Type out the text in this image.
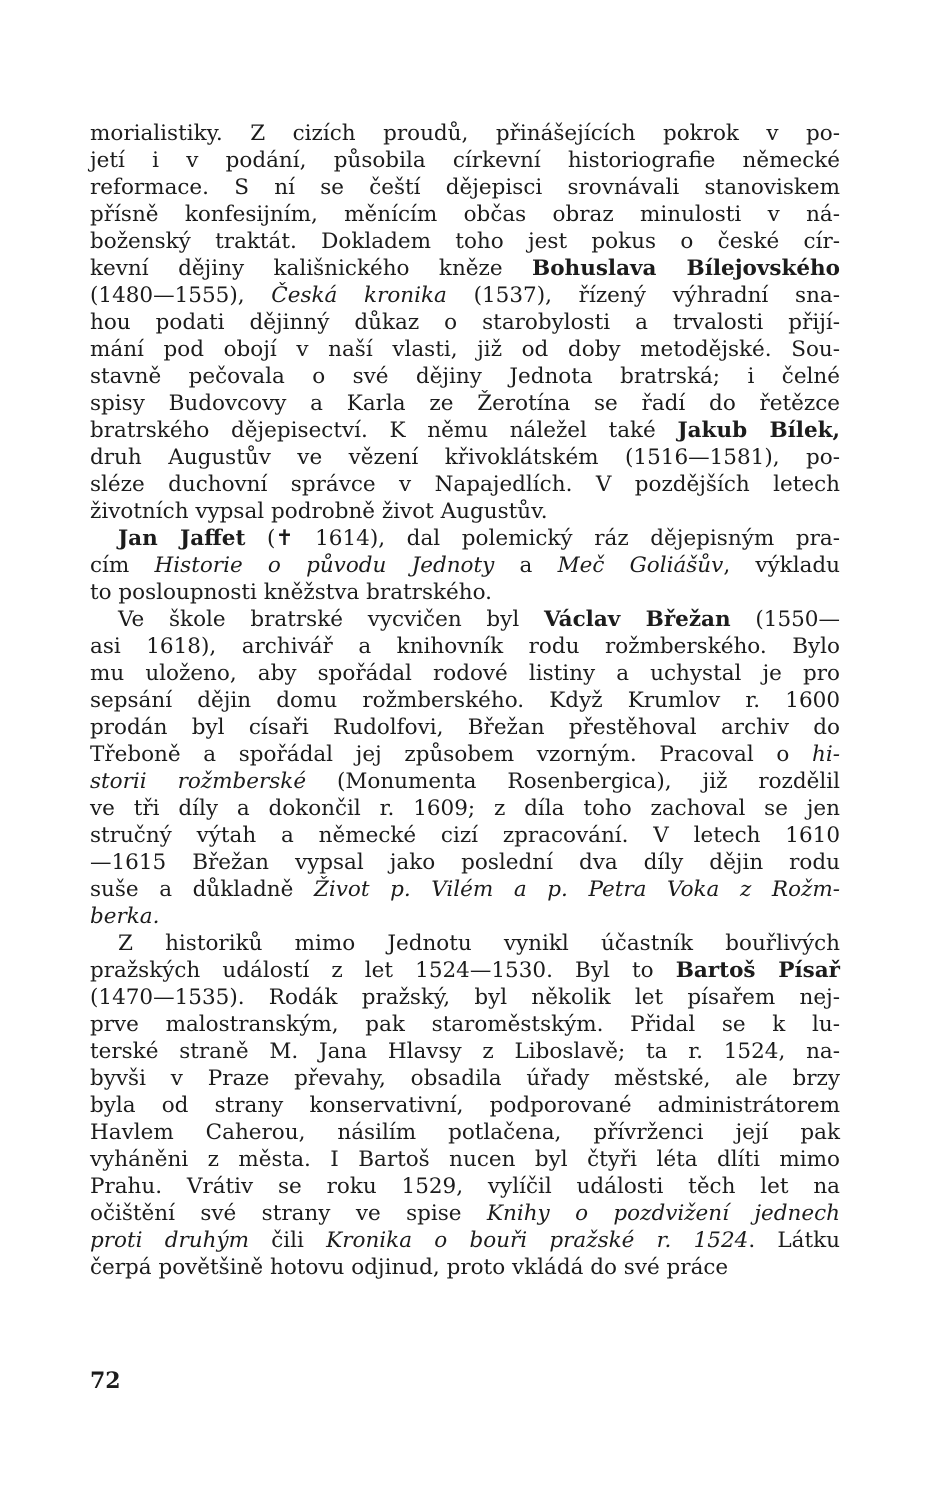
morialistiky. Z cizích proudů, přinášejících pokrok v po-
jetí i v podání, působila církevní historiografie německé
reformace. S ní se čeští dějepisci srovnávali stanoviskem
přísně konfesijním, měnícím občas obraz minulosti v ná-
boženský traktát. Dokladem toho jest pokus o české cír-
kevní dějiny kališnického kněze Bohuslava Bílejovského
(1480—1555), Česká kronika (1537), řízený výhradní sna-
hou podati dějinný důkaz o starobylosti a trvalosti přijí-
mání pod obojí v naší vlasti, již od doby metodějské. Sou-
stavně pečovala o své dějiny Jednota bratrská; i čelné
spisy Budovcovy a Karla ze Žerotína se řadí do řetězce
bratrského dějepisectví. K němu náležel také Jakub Bílek,
druh Augustův ve vězení křivoklátském (1516—1581), po-
sléze duchovní správce v Napajedlích. V pozdějších letech
životních vypsal podrobně život Augustův.
Jan Jaffet (✝ 1614), dal polemický ráz dějepisným pra-
cím Historie o původu Jednoty a Meč Goliášův, výkladu
to posloupnosti kněžstva bratrského.
Ve škole bratrské vycvičen byl Václav Břežan (1550—
asi 1618), archivář a knihovník rodu rožmberského. Bylo
mu uloženo, aby spořádal rodové listiny a uchystal je pro
sepsání dějin domu rožmberského. Když Krumlov r. 1600
prodán byl císaři Rudolfovi, Břežan přestěhoval archiv do
Třeboně a spořádal jej způsobem vzorným. Pracoval o hi-
storii rožmberské (Monumenta Rosenbergica), již rozdělil
ve tři díly a dokončil r. 1609; z díla toho zachoval se jen
stručný výtah a německé cizí zpracování. V letech 1610
—1615 Břežan vypsal jako poslední dva díly dějin rodu
suše a důkladně Život p. Vilém a p. Petra Voka z Rožm-
berka.
Z historiků mimo Jednotu vynikl účastník bouřlivých
pražských událostí z let 1524—1530. Byl to Bartoš Písař
(1470—1535). Rodák pražský, byl několik let písařem nej-
prve malostranským, pak staroměstským. Přidal se k lu-
terské straně M. Jana Hlavsy z Liboslavě; ta r. 1524, na-
byvši v Praze převahy, obsadila úřady městské, ale brzy
byla od strany konservativní, podporované administrátorem
Havlem Caherou, násilím potlačena, přívrženci její pak
vyháněni z města. I Bartoš nucen byl čtyři léta dlíti mimo
Prahu. Vrátiv se roku 1529, vylíčil události těch let na
očištění své strany ve spise Knihy o pozdvižení jednech
proti druhým čili Kronika o bouři pražské r. 1524. Látku
čerpá povětšině hotovu odjinud, proto vkládá do své práce
72
